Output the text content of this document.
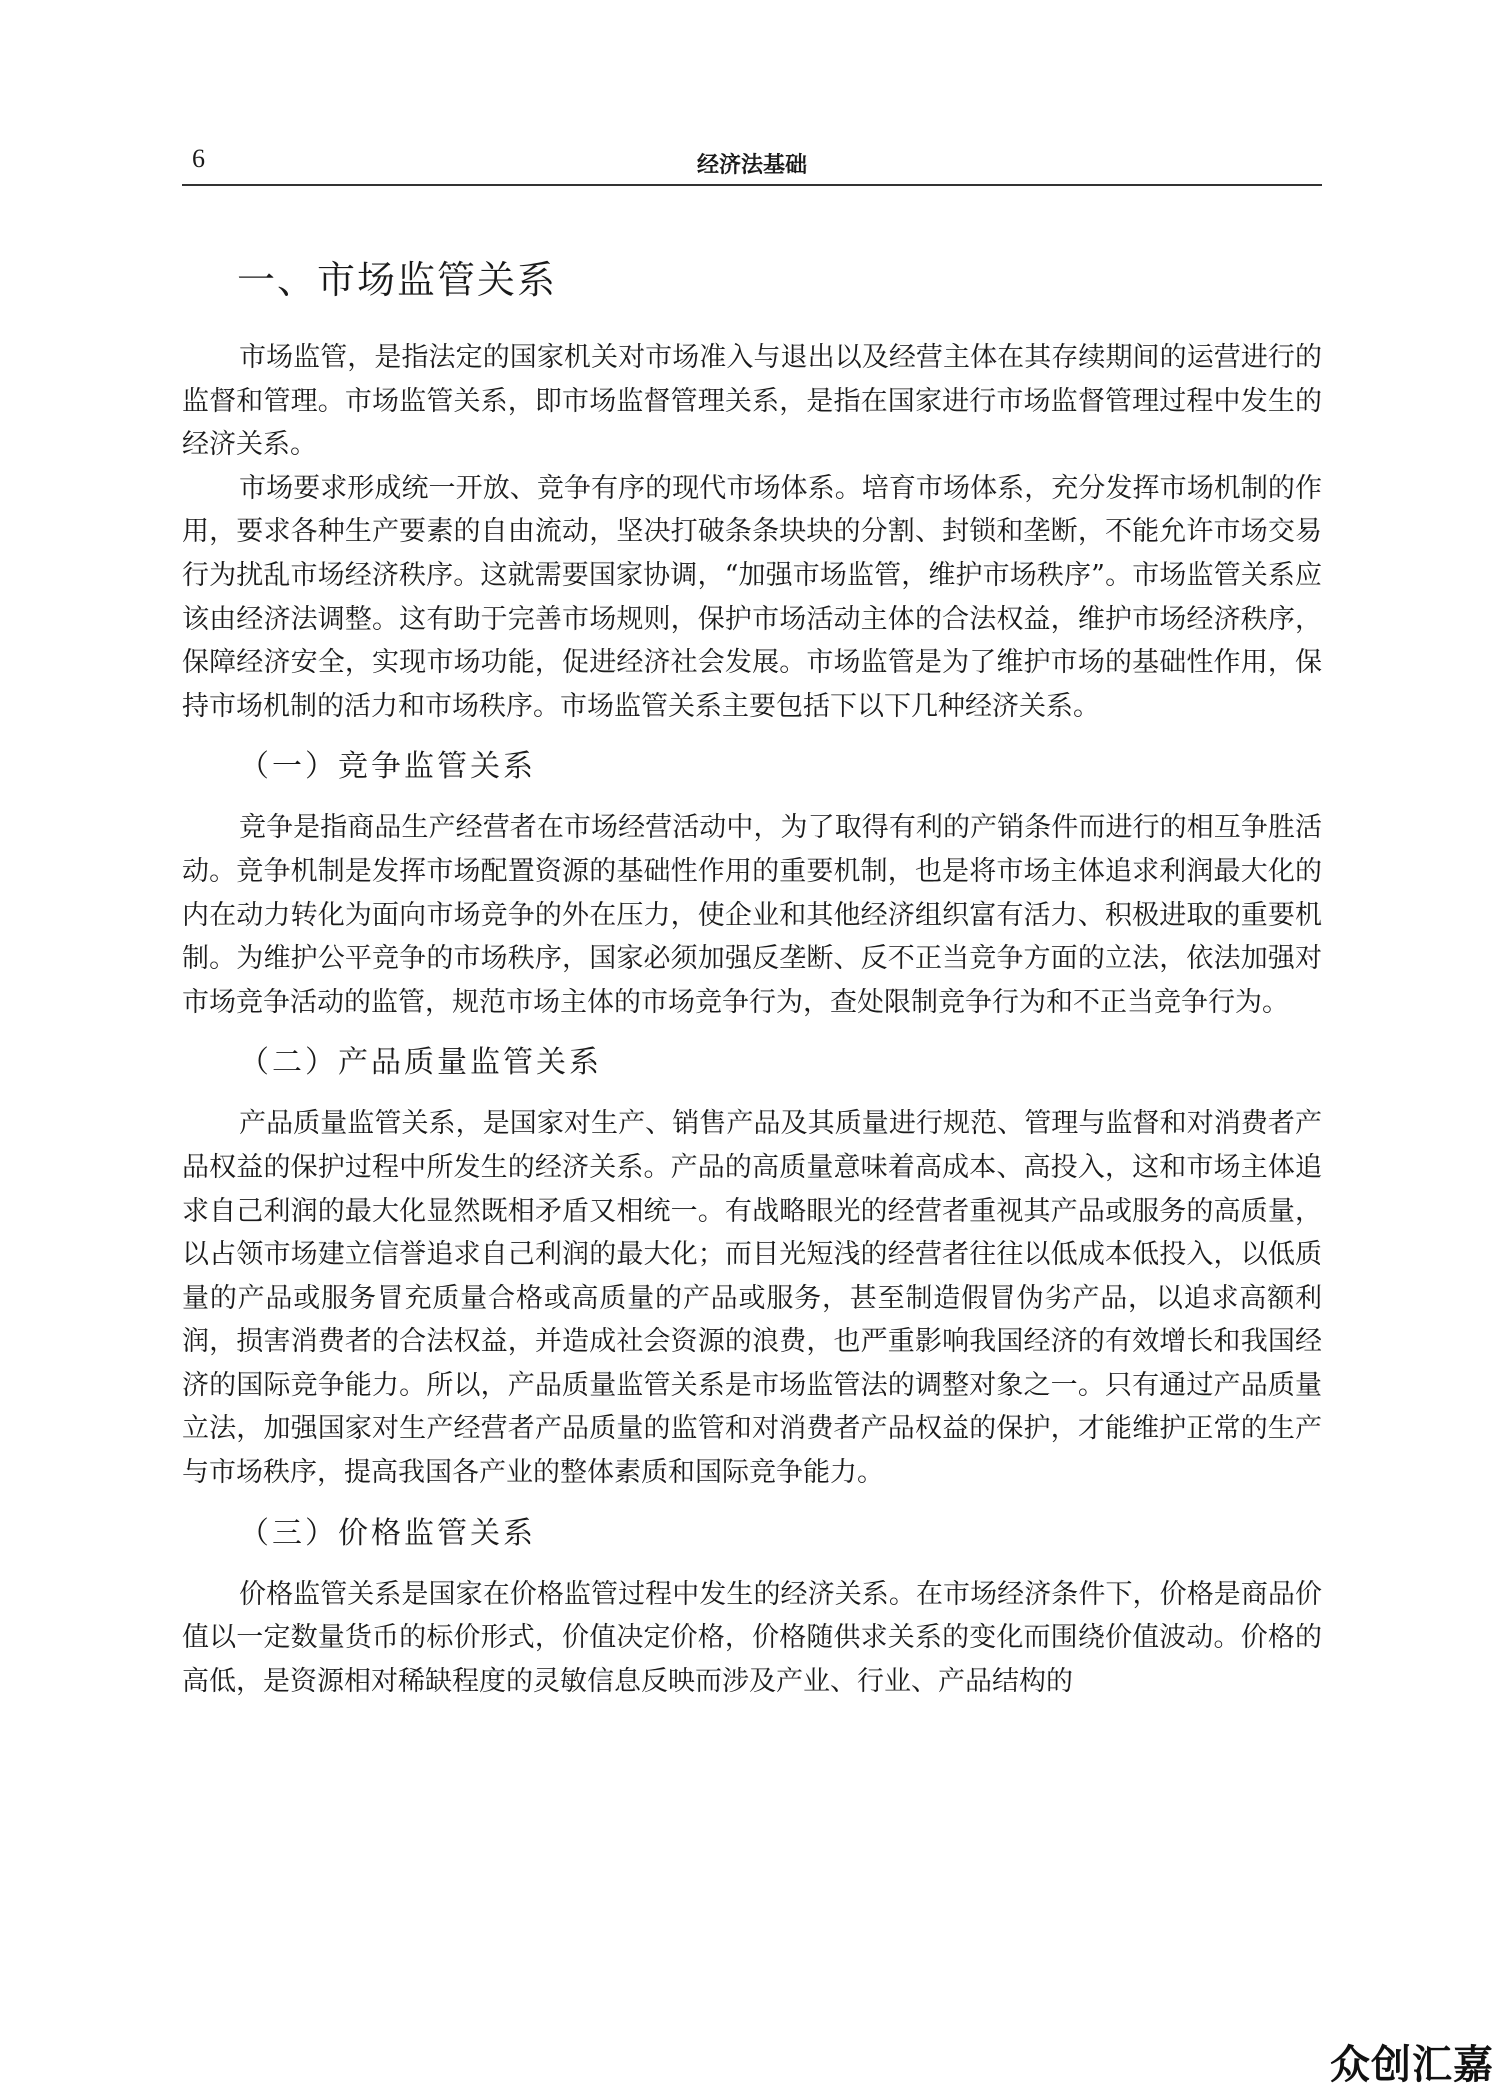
6	经济法基础
一、市场监管关系

市场监管，是指法定的国家机关对市场准入与退出以及经营主体在其存续期间的运营进行的监督和管理。市场监管关系，即市场监督管理关系，是指在国家进行市场监督管理过程中发生的经济关系。

市场要求形成统一开放、竞争有序的现代市场体系。培育市场体系，充分发挥市场机制的作用，要求各种生产要素的自由流动，坚决打破条条块块的分割、封锁和垄断，不能允许市场交易行为扰乱市场经济秩序。这就需要国家协调，“加强市场监管，维护市场秩序”。市场监管关系应该由经济法调整。这有助于完善市场规则，保护市场活动主体的合法权益，维护市场经济秩序，保障经济安全，实现市场功能，促进经济社会发展。市场监管是为了维护市场的基础性作用，保持市场机制的活力和市场秩序。市场监管关系主要包括下以下几种经济关系。

（一）竞争监管关系

竞争是指商品生产经营者在市场经营活动中，为了取得有利的产销条件而进行的相互争胜活动。竞争机制是发挥市场配置资源的基础性作用的重要机制，也是将市场主体追求利润最大化的内在动力转化为面向市场竞争的外在压力，使企业和其他经济组织富有活力、积极进取的重要机制。为维护公平竞争的市场秩序，国家必须加强反垄断、反不正当竞争方面的立法，依法加强对市场竞争活动的监管，规范市场主体的市场竞争行为，查处限制竞争行为和不正当竞争行为。

（二）产品质量监管关系

产品质量监管关系，是国家对生产、销售产品及其质量进行规范、管理与监督和对消费者产品权益的保护过程中所发生的经济关系。产品的高质量意味着高成本、高投入，这和市场主体追求自己利润的最大化显然既相矛盾又相统一。有战略眼光的经营者重视其产品或服务的高质量，以占领市场建立信誉追求自己利润的最大化；而目光短浅的经营者往往以低成本低投入，以低质量的产品或服务冒充质量合格或高质量的产品或服务，甚至制造假冒伪劣产品，以追求高额利润，损害消费者的合法权益，并造成社会资源的浪费，也严重影响我国经济的有效增长和我国经济的国际竞争能力。所以，产品质量监管关系是市场监管法的调整对象之一。只有通过产品质量立法，加强国家对生产经营者产品质量的监管和对消费者产品权益的保护，才能维护正常的生产与市场秩序，提高我国各产业的整体素质和国际竞争能力。

（三）价格监管关系

价格监管关系是国家在价格监管过程中发生的经济关系。在市场经济条件下，价格是商品价值以一定数量货币的标价形式，价值决定价格，价格随供求关系的变化而围绕价值波动。价格的高低，是资源相对稀缺程度的灵敏信息反映而涉及产业、行业、产品结构的

众创汇嘉
